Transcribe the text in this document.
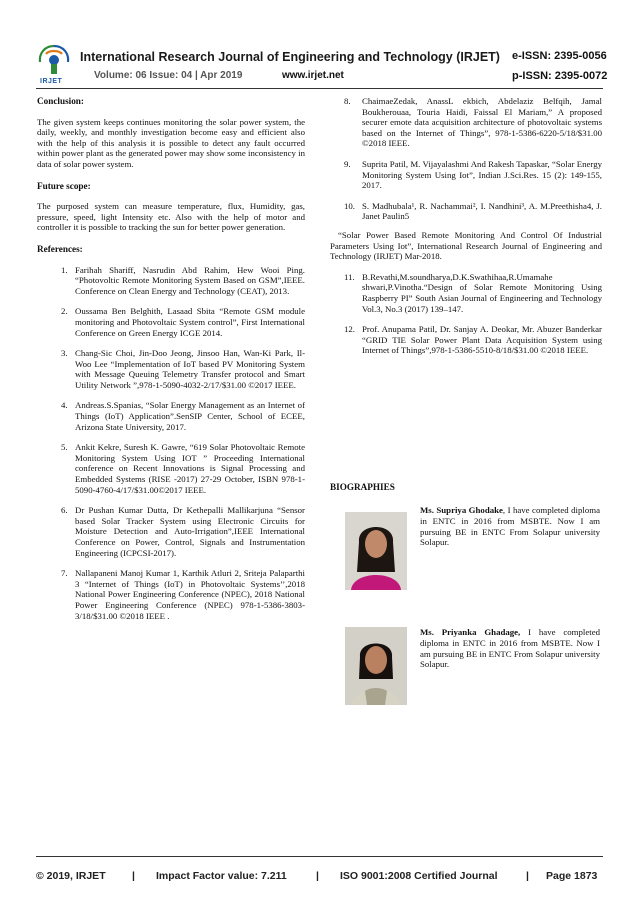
IRJET
International Research Journal of Engineering and Technology (IRJET) e-ISSN: 2395-0056
Volume: 06 Issue: 04 | Apr 2019	www.irjet.net	p-ISSN: 2395-0072

Conclusion:

The given system keeps continues monitoring the solar power system, the daily, weekly, and monthly investigation become easy and efficient also with the help of this analysis it is possible to detect any fault occurred within power plant as the generated power may show some inconsistency in data of solar power system.

Future scope:

The purposed system can measure temperature, flux, Humidity, gas, pressure, speed, light Intensity etc. Also with the help of motor and controller it is possible to tracking the sun for better power generation.

References:

1. Farihah Shariff, Nasrudin Abd Rahim, Hew Wooi Ping. “Photovoltic Remote Monitoring System Based on GSM”,IEEE. Conference on Clean Energy and Technology (CEAT), 2013.
2. Oussama Ben Belghith, Lasaad Sbita “Remote GSM module monitoring and Photovoltaic System control”, First International Conference on Green Energy ICGE 2014.
3. Chang-Sic Choi, Jin-Doo Jeong, Jinsoo Han, Wan-Ki Park, Il-Woo Lee “Implementation of IoT based PV Monitoring System with Message Queuing Telemetry Transfer protocol and Smart Utility Network ”,978-1-5090-4032-2/17/$31.00 ©2017 IEEE.
4. Andreas.S.Spanias, “Solar Energy Management as an Internet of Things (IoT) Application”.SenSIP Center, School of ECEE, Arizona State University, 2017.
5. Ankit Kekre, Suresh K. Gawre, “619 Solar Photovoltaic Remote Monitoring System Using IOT ” Proceeding International conference on Recent Innovations is Signal Processing and Embedded Systems (RISE -2017) 27-29 October, ISBN 978-1-5090-4760-4/17/$31.00©2017 IEEE.
6. Dr Pushan Kumar Dutta, Dr Kethepalli Mallikarjuna “Sensor based Solar Tracker System using Electronic Circuits for Moisture Detection and Auto-Irrigation”,IEEE International Conference on Power, Control, Signals and Instrumentation Engineering (ICPCSI-2017).
7. Nallapaneni Manoj Kumar 1, Karthik Atluri 2, Sriteja Palaparthi 3 “Internet of Things (IoT) in Photovoltaic Systems’’,2018 National Power Engineering Conference (NPEC), 2018 National Power Engineering Conference (NPEC) 978-1-5386-3803-3/18/$31.00 ©2018 IEEE .
8.	ChaimaeZedak, AnassL ekbich, Abdelaziz Belfqih, Jamal Boukherouaa, Touria Haidi, Faissal El Mariam,” A proposed securer emote data acquisition architecture of photovoltaic systems based on the Internet of Things”, 978-1-5386-6220-5/18/$31.00 ©2018 IEEE.
9.	Suprita Patil, M. Vijayalashmi And Rakesh Tapaskar, “Solar Energy Monitoring System Using Iot”, Indian J.Sci.Res. 15 (2): 149-155, 2017.
10. S. Madhubala¹, R. Nachammai², I. Nandhini³, A. M.Preethisha4, J. Janet Paulin5

“Solar Power Based Remote Monitoring And Control Of Industrial Parameters Using Iot”, International Research Journal of Engineering and Technology (IRJET) Mar-2018.

11. B.Revathi,M.soundharya,D.K.Swathihaa,R.Umamahe shwari,P.Vinotha.“Design of Solar Remote Monitoring Using Raspberry PI” South Asian Journal of Engineering and Technology Vol.3, No.3 (2017) 139–147.
12. Prof. Anupama Patil, Dr. Sanjay A. Deokar, Mr. Abuzer Banderkar “GRID TIE Solar Power Plant Data Acquisition System using Internet of Things”,978-1-5386-5510-8/18/$31.00 ©2018 IEEE.
BIOGRAPHIES

Ms. Supriya Ghodake, I have completed diploma in ENTC in 2016 from MSBTE. Now I am pursuing BE in ENTC From Solapur university Solapur.

Ms. Priyanka Ghadage, I have completed diploma in ENTC in 2016 from MSBTE. Now I am pursuing BE in ENTC From Solapur university Solapur.

© 2019, IRJET	| Impact Factor value: 7.211	| ISO 9001:2008 Certified Journal	| Page 1873
